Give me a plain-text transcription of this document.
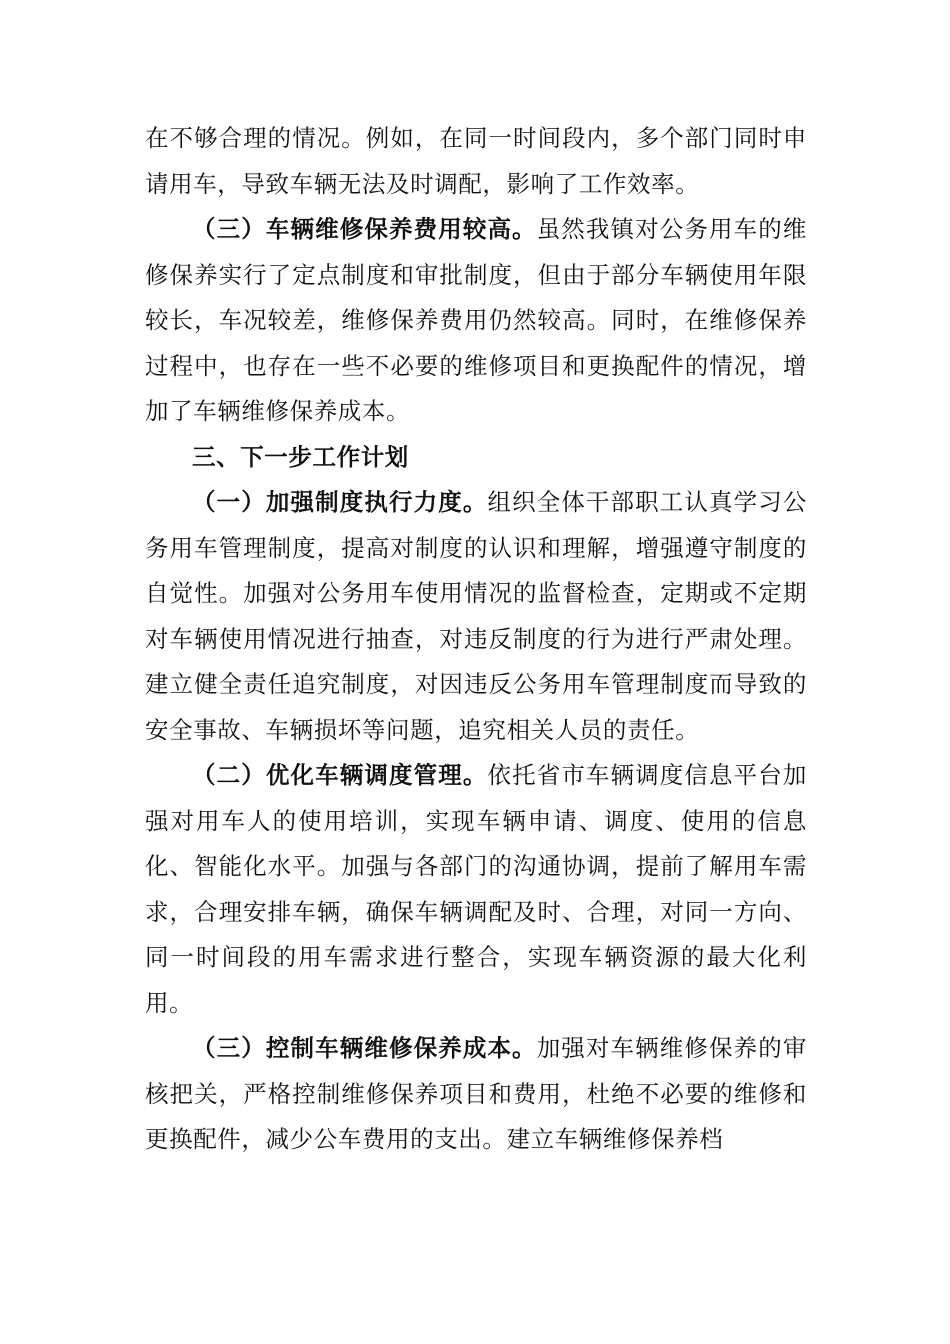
在不够合理的情况。例如，在同一时间段内，多个部门同时申请用车，导致车辆无法及时调配，影响了工作效率。

（三）车辆维修保养费用较高。虽然我镇对公务用车的维修保养实行了定点制度和审批制度，但由于部分车辆使用年限较长，车况较差，维修保养费用仍然较高。同时，在维修保养过程中，也存在一些不必要的维修项目和更换配件的情况，增加了车辆维修保养成本。

三、下一步工作计划

（一）加强制度执行力度。组织全体干部职工认真学习公务用车管理制度，提高对制度的认识和理解，增强遵守制度的自觉性。加强对公务用车使用情况的监督检查，定期或不定期对车辆使用情况进行抽查，对违反制度的行为进行严肃处理。建立健全责任追究制度，对因违反公务用车管理制度而导致的安全事故、车辆损坏等问题，追究相关人员的责任。

（二）优化车辆调度管理。依托省市车辆调度信息平台加强对用车人的使用培训，实现车辆申请、调度、使用的信息化、智能化水平。加强与各部门的沟通协调，提前了解用车需求，合理安排车辆，确保车辆调配及时、合理，对同一方向、同一时间段的用车需求进行整合，实现车辆资源的最大化利用。

（三）控制车辆维修保养成本。加强对车辆维修保养的审核把关，严格控制维修保养项目和费用，杜绝不必要的维修和更换配件，减少公车费用的支出。建立车辆维修保养档
